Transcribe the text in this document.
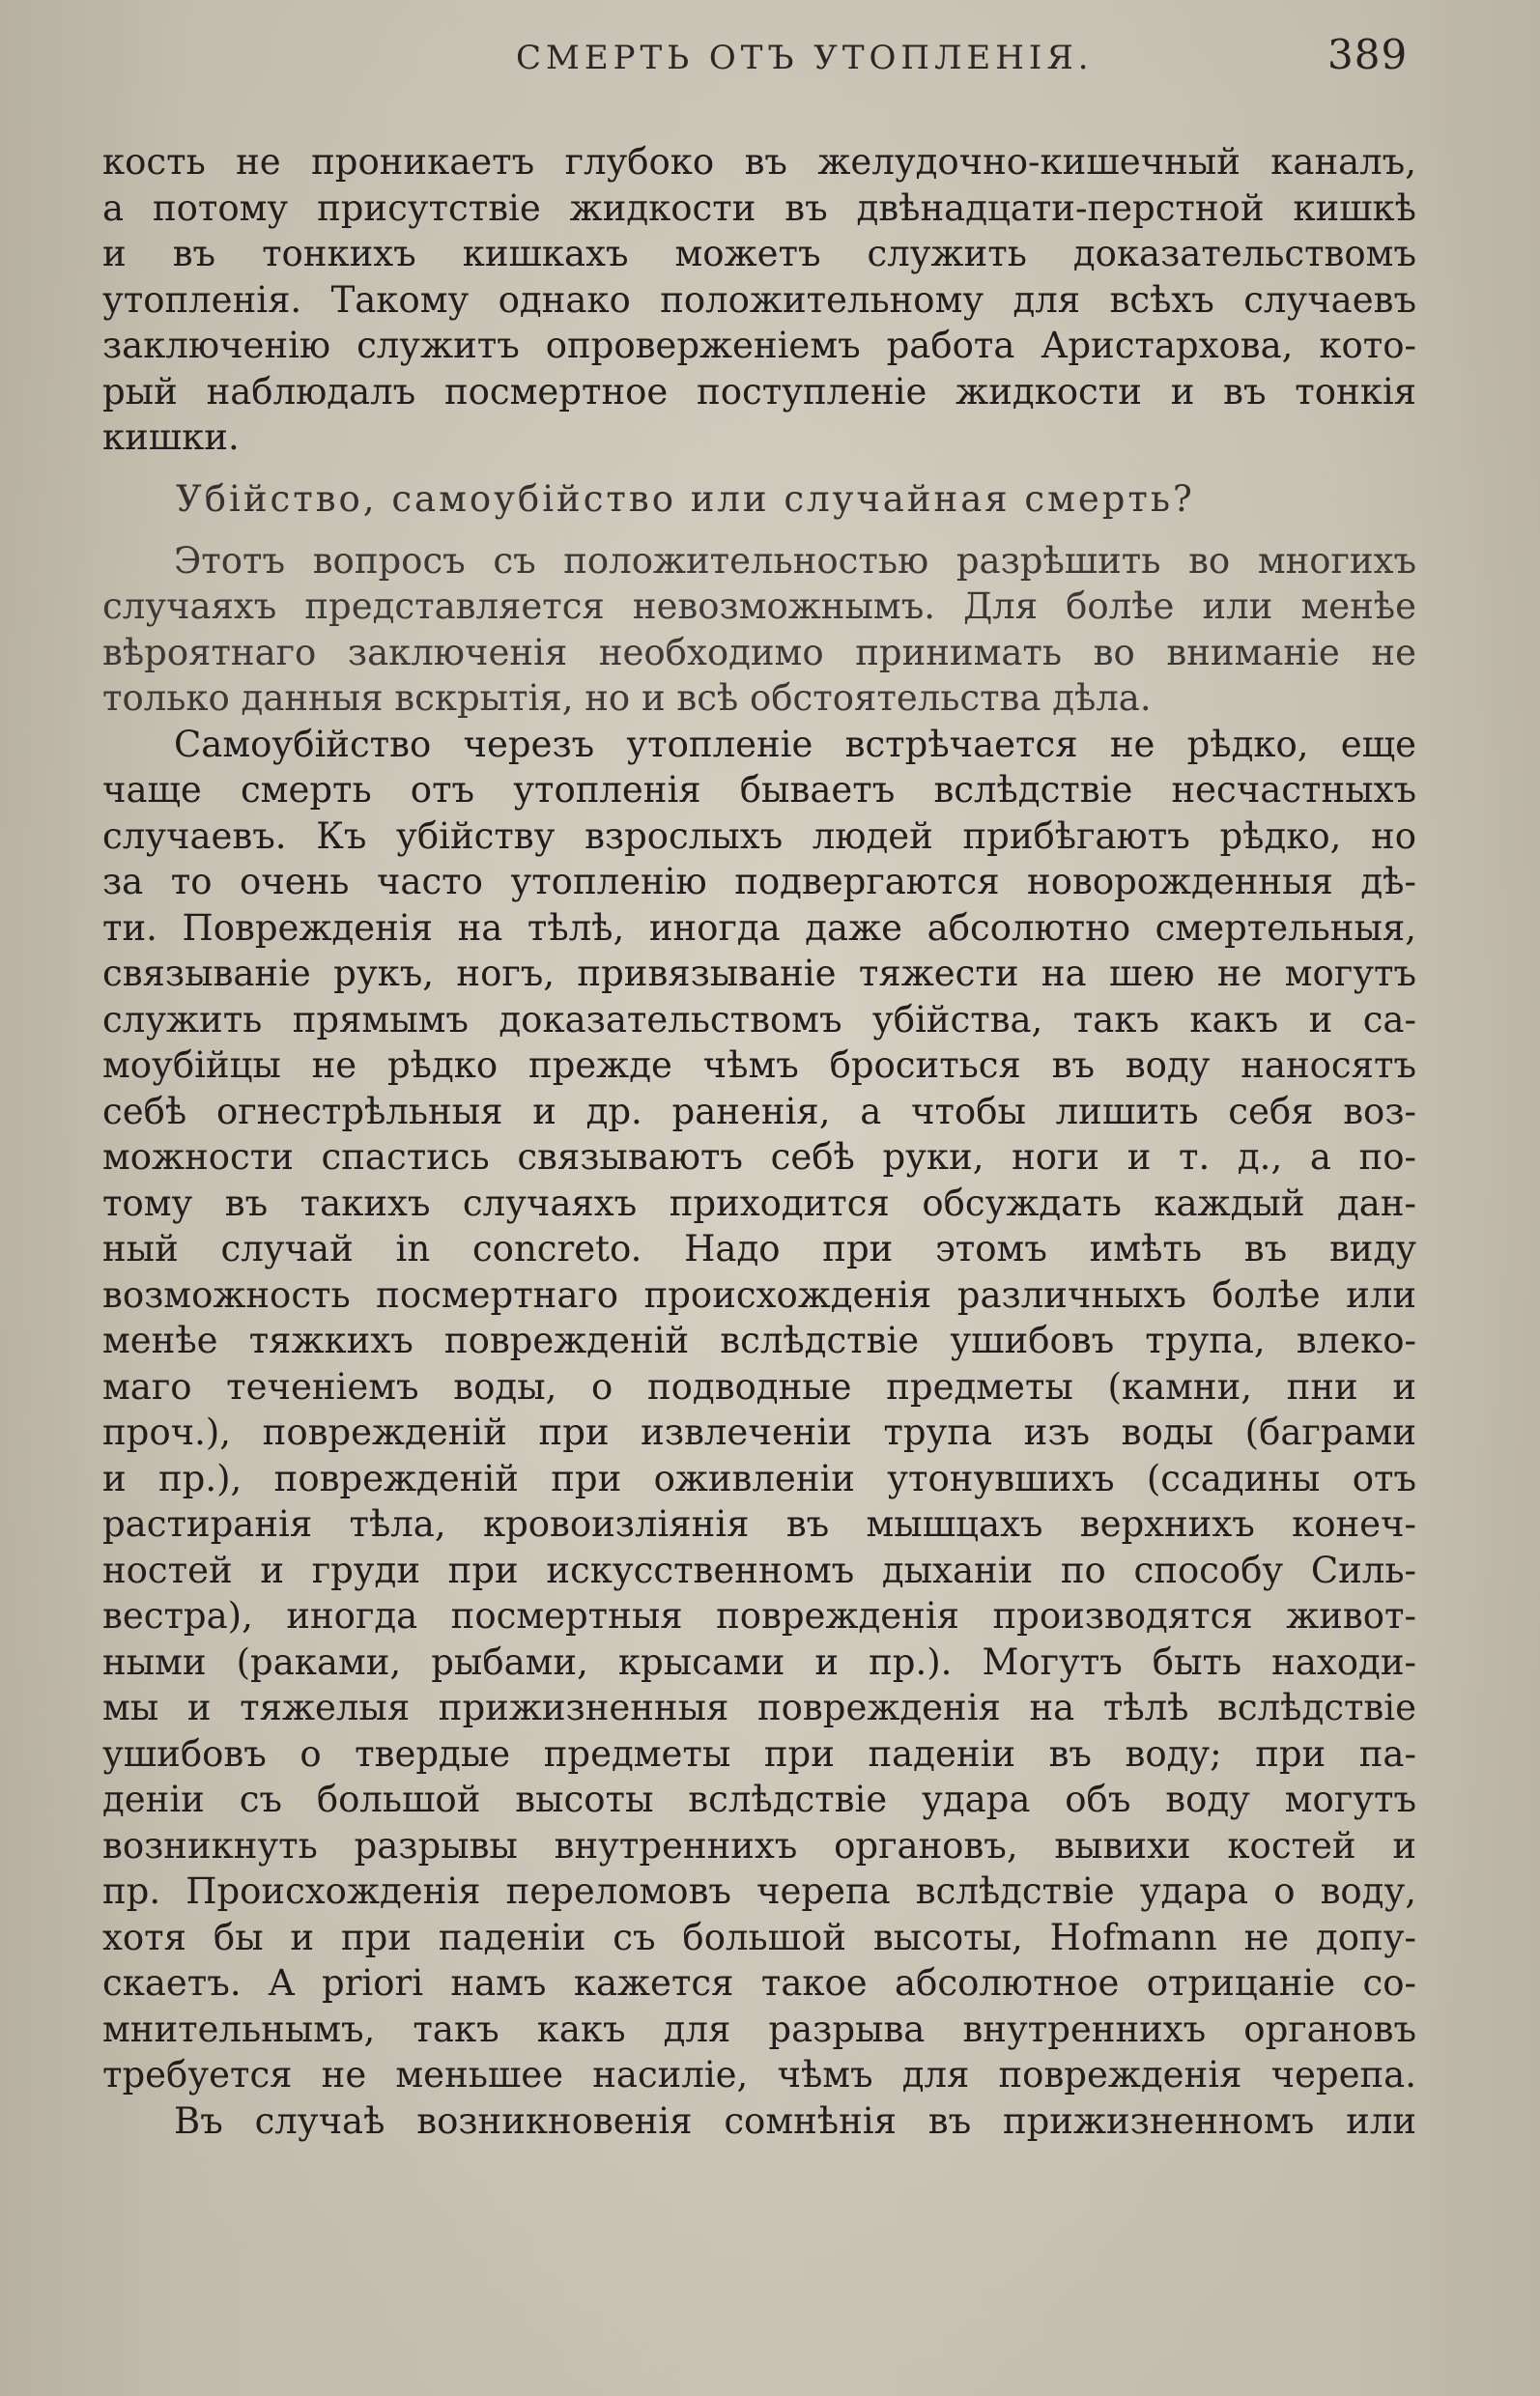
СМЕРТЬ ОТЪ УТОПЛЕНІЯ.	389
кость не проникаетъ глубоко въ желудочно-кишечный каналъ,
а потому присутствіе жидкости въ двѣнадцати-перстной кишкѣ
и въ тонкихъ кишкахъ можетъ служить доказательствомъ
утопленія. Такому однако положительному для всѣхъ случаевъ
заключенію служитъ опроверженіемъ работа Аристархова, кото-
рый наблюдалъ посмертное поступленіе жидкости и въ тонкія
кишки.
Убійство, самоубійство или случайная смерть?
Этотъ вопросъ съ положительностью разрѣшить во многихъ
случаяхъ представляется невозможнымъ. Для болѣе или менѣе
вѣроятнаго заключенія необходимо принимать во вниманіе не
только данныя вскрытія, но и всѣ обстоятельства дѣла.
Самоубійство черезъ утопленіе встрѣчается не рѣдко, еще
чаще смерть отъ утопленія бываетъ вслѣдствіе несчастныхъ
случаевъ. Къ убійству взрослыхъ людей прибѣгаютъ рѣдко, но
за то очень часто утопленію подвергаются новорожденныя дѣ-
ти. Поврежденія на тѣлѣ, иногда даже абсолютно смертельныя,
связываніе рукъ, ногъ, привязываніе тяжести на шею не могутъ
служить прямымъ доказательствомъ убійства, такъ какъ и са-
моубійцы не рѣдко прежде чѣмъ броситься въ воду наносятъ
себѣ огнестрѣльныя и др. раненія, а чтобы лишить себя воз-
можности спастись связываютъ себѣ руки, ноги и т. д., а по-
тому въ такихъ случаяхъ приходится обсуждать каждый дан-
ный случай in concreto. Надо при этомъ имѣть въ виду
возможность посмертнаго происхожденія различныхъ болѣе или
менѣе тяжкихъ поврежденій вслѣдствіе ушибовъ трупа, влеко-
маго теченіемъ воды, о подводные предметы (камни, пни и
проч.), поврежденій при извлеченіи трупа изъ воды (баграми
и пр.), поврежденій при оживленіи утонувшихъ (ссадины отъ
растиранія тѣла, кровоизліянія въ мышцахъ верхнихъ конеч-
ностей и груди при искусственномъ дыханіи по способу Силь-
вестра), иногда посмертныя поврежденія производятся живот-
ными (раками, рыбами, крысами и пр.). Могутъ быть находи-
мы и тяжелыя прижизненныя поврежденія на тѣлѣ вслѣдствіе
ушибовъ о твердые предметы при паденіи въ воду; при па-
деніи съ большой высоты вслѣдствіе удара объ воду могутъ
возникнуть разрывы внутреннихъ органовъ, вывихи костей и
пр. Происхожденія переломовъ черепа вслѣдствіе удара о воду,
хотя бы и при паденіи съ большой высоты, Hofmann не допу-
скаетъ. A priori намъ кажется такое абсолютное отрицаніе со-
мнительнымъ, такъ какъ для разрыва внутреннихъ органовъ
требуется не меньшее насиліе, чѣмъ для поврежденія черепа.
Въ случаѣ возникновенія сомнѣнія въ прижизненномъ или
